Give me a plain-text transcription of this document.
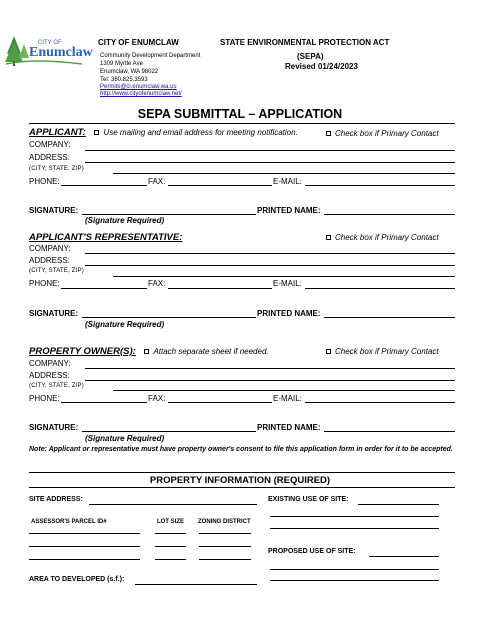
CITY OF
Enumclaw
CITY OF ENUMCLAW
Community Development Department
1309 Myrtle Ave
Enumclaw, WA 98022
Tel: 360.825.3593
Permits@ci.enumclaw.wa.us
http://www.cityofenumclaw.net/
STATE ENVIRONMENTAL PROTECTION ACT
(SEPA)
Revised 01/24/2023
SEPA SUBMITTAL – APPLICATION
APPLICANT: Use mailing and email address for meeting notification.	Check box if Primary Contact
COMPANY:
ADDRESS:
(CITY, STATE, ZIP)
PHONE:	FAX:	E-MAIL:
SIGNATURE:	PRINTED NAME:
(Signature Required)
APPLICANT'S REPRESENTATIVE:	Check box if Primary Contact
COMPANY:
ADDRESS:
(CITY, STATE, ZIP)
PHONE:	FAX:	E-MAIL:
SIGNATURE:	PRINTED NAME:
(Signature Required)
PROPERTY OWNER(S): Attach separate sheet if needed.	Check box if Primary Contact
COMPANY:
ADDRESS:
(CITY, STATE, ZIP)
PHONE:	FAX:	E-MAIL:
SIGNATURE:	PRINTED NAME:
(Signature Required)
Note: Applicant or representative must have property owner's consent to file this application form in order for it to be accepted.
PROPERTY INFORMATION (REQUIRED)
SITE ADDRESS:	EXISTING USE OF SITE:
ASSESSOR'S PARCEL ID#	LOT SIZE ZONING DISTRICT
PROPOSED USE OF SITE:
AREA TO DEVELOPED (s.f.):
